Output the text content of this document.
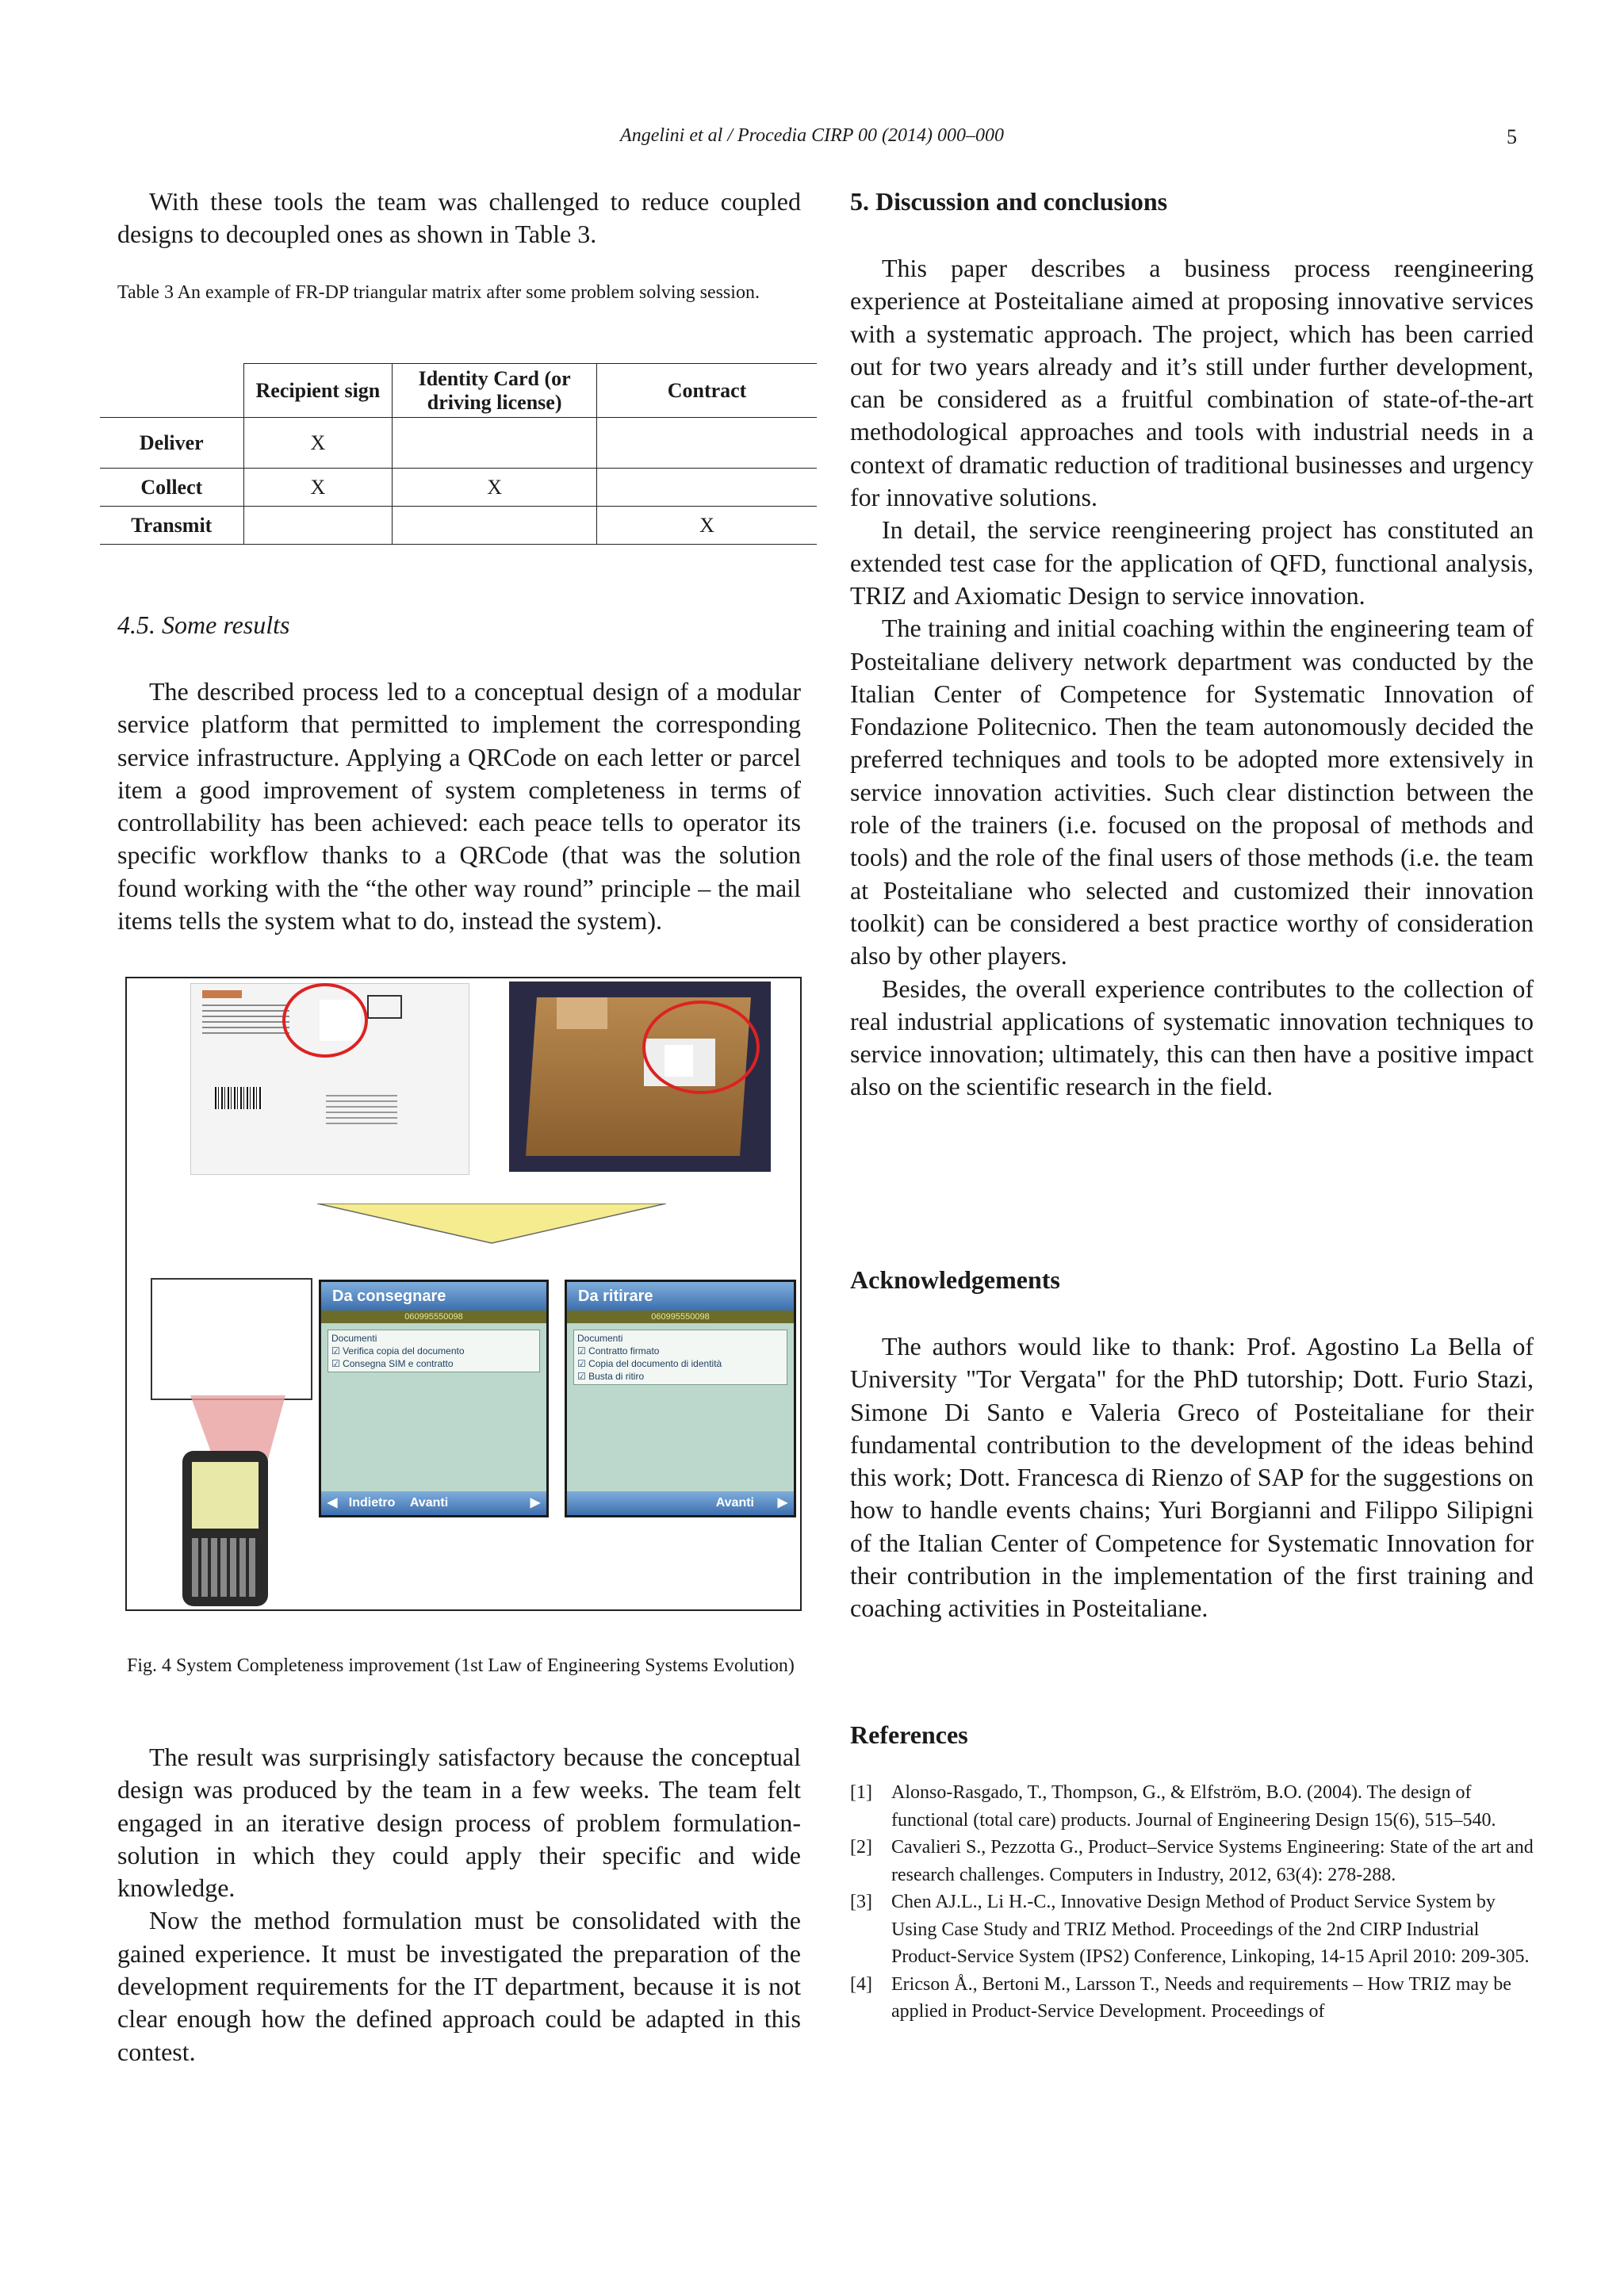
Angelini et al / Procedia CIRP 00 (2014) 000–000	5

With these tools the team was challenged to reduce coupled designs to decoupled ones as shown in Table 3.

Table 3 An example of FR-DP triangular matrix after some problem solving session.
	Recipient sign	Identity Card (or driving license)	Contract
Deliver	X		
Collect	X	X	
Transmit			X
4.5. Some results

The described process led to a conceptual design of a modular service platform that permitted to implement the corresponding service infrastructure. Applying a QRCode on each letter or parcel item a good improvement of system completeness in terms of controllability has been achieved: each peace tells to operator its specific workflow thanks to a QRCode (that was the solution found working with the “the other way round” principle – the mail items tells the system what to do, instead the system).

Da consegnare
060995550098
Documenti
☑ Verifica copia del documento
☑ Consegna SIM e contratto
◀ Indietro Avanti	▶
Da ritirare
060995550098
Documenti
☑ Contratto firmato
☑ Copia del documento di identità
☑ Busta di ritiro
Avanti ▶
Fig. 4 System Completeness improvement (1st Law of Engineering Systems Evolution)

The result was surprisingly satisfactory because the conceptual design was produced by the team in a few weeks. The team felt engaged in an iterative design process of problem formulation-solution in which they could apply their specific and wide knowledge.

Now the method formulation must be consolidated with the gained experience. It must be investigated the preparation of the development requirements for the IT department, because it is not clear enough how the defined approach could be adapted in this contest.

5. Discussion and conclusions

This paper describes a business process reengineering experience at Posteitaliane aimed at proposing innovative services with a systematic approach. The project, which has been carried out for two years already and it’s still under further development, can be considered as a fruitful combination of state-of-the-art methodological approaches and tools with industrial needs in a context of dramatic reduction of traditional businesses and urgency for innovative solutions.

In detail, the service reengineering project has constituted an extended test case for the application of QFD, functional analysis, TRIZ and Axiomatic Design to service innovation.

The training and initial coaching within the engineering team of Posteitaliane delivery network department was conducted by the Italian Center of Competence for Systematic Innovation of Fondazione Politecnico. Then the team autonomously decided the preferred techniques and tools to be adopted more extensively in service innovation activities. Such clear distinction between the role of the trainers (i.e. focused on the proposal of methods and tools) and the role of the final users of those methods (i.e. the team at Posteitaliane who selected and customized their innovation toolkit) can be considered a best practice worthy of consideration also by other players.

Besides, the overall experience contributes to the collection of real industrial applications of systematic innovation techniques to service innovation; ultimately, this can then have a positive impact also on the scientific research in the field.

Acknowledgements

The authors would like to thank: Prof. Agostino La Bella of University "Tor Vergata" for the PhD tutorship; Dott. Furio Stazi, Simone Di Santo e Valeria Greco of Posteitaliane for their fundamental contribution to the development of the ideas behind this work; Dott. Francesca di Rienzo of SAP for the suggestions on how to handle events chains; Yuri Borgianni and Filippo Silipigni of the Italian Center of Competence for Systematic Innovation for their contribution in the implementation of the first training and coaching activities in Posteitaliane.

References
[1] Alonso-Rasgado, T., Thompson, G., & Elfström, B.O. (2004). The design of functional (total care) products. Journal of Engineering Design 15(6), 515–540.
[2] Cavalieri S., Pezzotta G., Product–Service Systems Engineering: State of the art and research challenges. Computers in Industry, 2012, 63(4): 278-288.
[3] Chen AJ.L., Li H.-C., Innovative Design Method of Product Service System by Using Case Study and TRIZ Method. Proceedings of the 2nd CIRP Industrial Product-Service System (IPS2) Conference, Linkoping, 14-15 April 2010: 209-305.
[4] Ericson Å., Bertoni M., Larsson T., Needs and requirements – How TRIZ may be applied in Product-Service Development. Proceedings of
